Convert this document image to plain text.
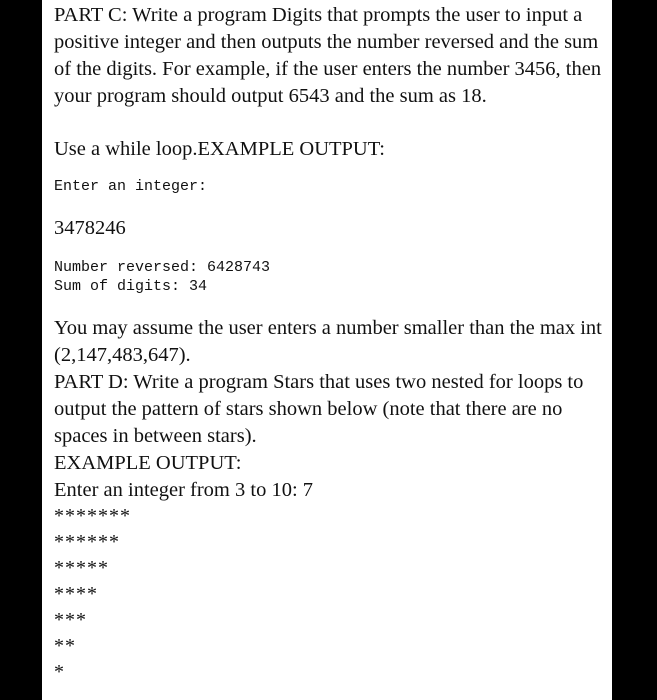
PART C: Write a program Digits that prompts the user to input a positive integer and then outputs the number reversed and the sum of the digits. For example, if the user enters the number 3456, then your program should output 6543 and the sum as 18.

Use a while loop.EXAMPLE OUTPUT:

Enter an integer:

3478246

Number reversed: 6428743

Sum of digits: 34

You may assume the user enters a number smaller than the max int (2,147,483,647).

PART D: Write a program Stars that uses two nested for loops to output the pattern of stars shown below (note that there are no spaces in between stars).

EXAMPLE OUTPUT:

Enter an integer from 3 to 10: 7

*******

******

*****

****

***

**

*
